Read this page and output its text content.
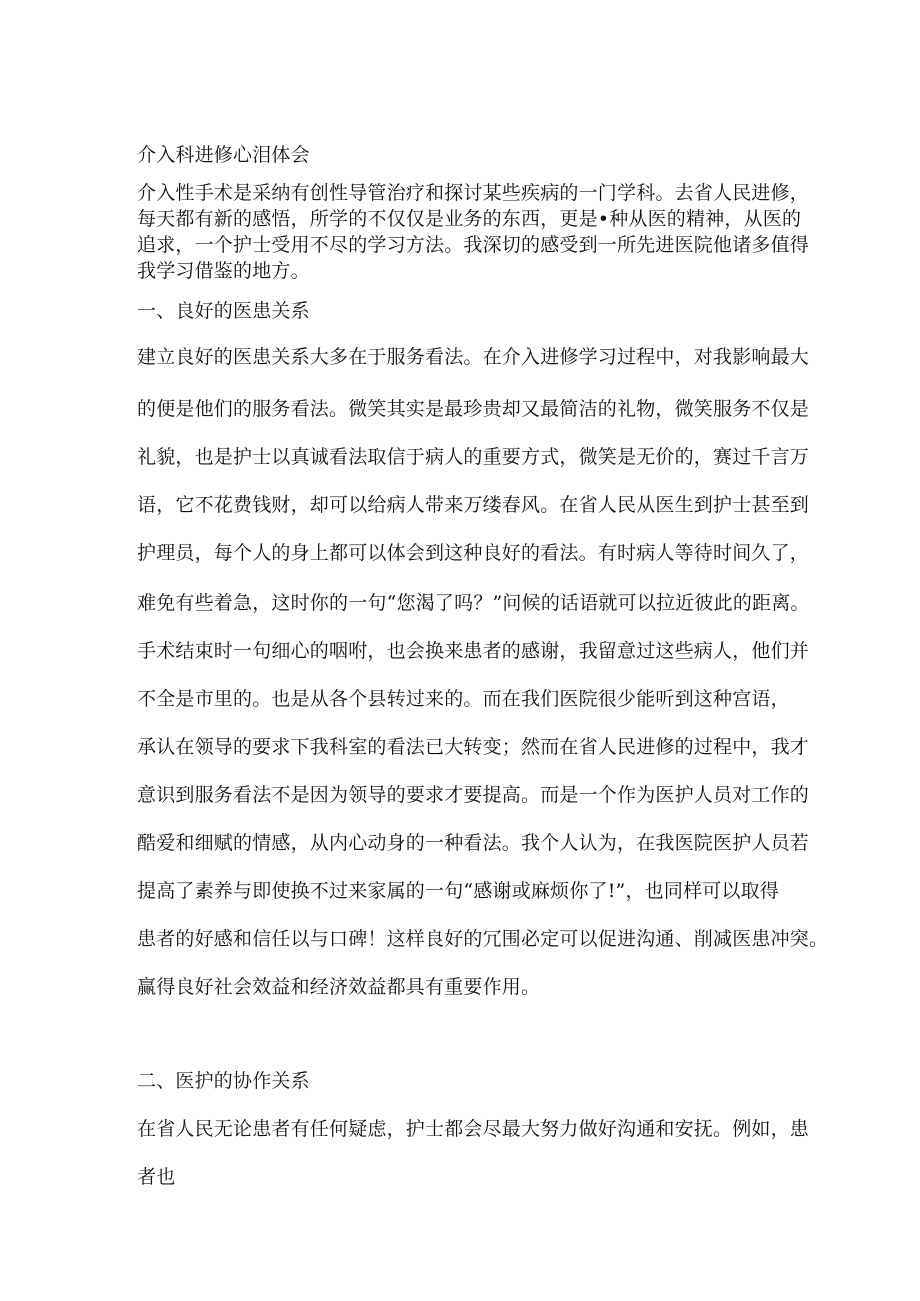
介入科进修心泪体会

介入性手术是采纳有创性导管治疗和探讨某些疾病的一门学科。去省人民进修，

每天都有新的感悟，所学的不仅仅是业务的东西，更是•种从医的精神，从医的

追求，一个护士受用不尽的学习方法。我深切的感受到一所先进医院他诸多值得

我学习借鉴的地方。

一、良好的医患关系

建立良好的医患关系大多在于服务看法。在介入进修学习过程中，对我影响最大

的便是他们的服务看法。微笑其实是最珍贵却又最简洁的礼物，微笑服务不仅是

礼貌，也是护士以真诚看法取信于病人的重要方式，微笑是无价的，赛过千言万

语，它不花费钱财，却可以给病人带来万缕春风。在省人民从医生到护士甚至到

护理员，每个人的身上都可以体会到这种良好的看法。有时病人等待时间久了，

难免有些着急，这时你的一句“您渴了吗？”问候的话语就可以拉近彼此的距离。

手术结束时一句细心的咽咐，也会换来患者的感谢，我留意过这些病人，他们并

不全是市里的。也是从各个县转过来的。而在我们医院很少能听到这种宫语，

承认在领导的要求下我科室的看法已大转变；然而在省人民进修的过程中，我才

意识到服务看法不是因为领导的要求才要提高。而是一个作为医护人员对工作的

酷爱和细赋的情感，从内心动身的一种看法。我个人认为，在我医院医护人员若

提高了素养与即使换不过来家属的一句“感谢或麻烦你了!”，也同样可以取得

患者的好感和信任以与口碑！这样良好的冗围必定可以促进沟通、削减医患冲突。

赢得良好社会效益和经济效益都具有重要作用。

二、医护的协作关系

在省人民无论患者有任何疑虑，护士都会尽最大努力做好沟通和安抚。例如，患

者也
